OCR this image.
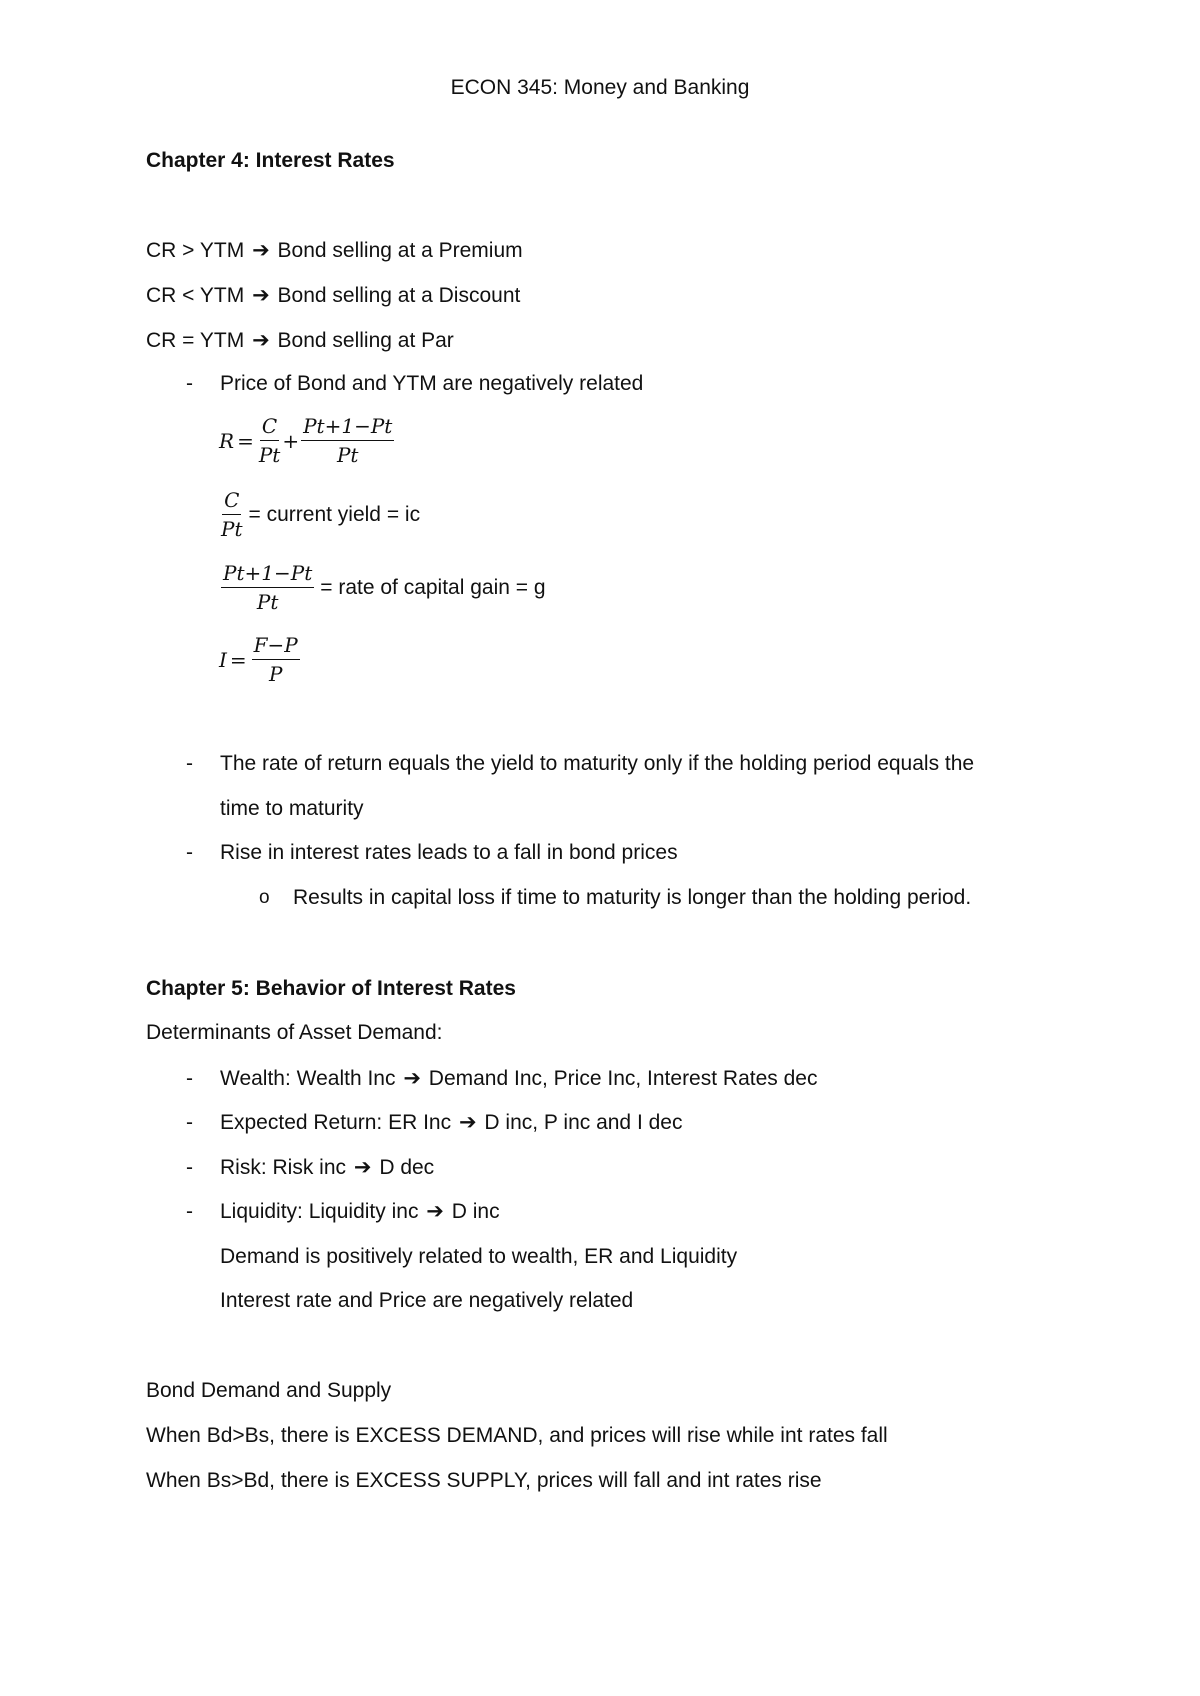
ECON 345: Money and Banking
Chapter 4: Interest Rates
CR > YTM ➔ Bond selling at a Premium
CR < YTM ➔ Bond selling at a Discount
CR = YTM ➔ Bond selling at Par
- Price of Bond and YTM are negatively related
$R = \frac{C}{Pt} + \frac{Pt+1-Pt}{Pt}$
$\frac{C}{Pt}$ = current yield = ic
$\frac{Pt+1-Pt}{Pt}$ = rate of capital gain = g
$I = \frac{F-P}{P}$
- The rate of return equals the yield to maturity only if the holding period equals the
time to maturity
- Rise in interest rates leads to a fall in bond prices
o Results in capital loss if time to maturity is longer than the holding period.
Chapter 5: Behavior of Interest Rates
Determinants of Asset Demand:
- Wealth: Wealth Inc ➔ Demand Inc, Price Inc, Interest Rates dec
- Expected Return: ER Inc ➔ D inc, P inc and I dec
- Risk: Risk inc ➔ D dec
- Liquidity: Liquidity inc ➔ D inc
Demand is positively related to wealth, ER and Liquidity
Interest rate and Price are negatively related
Bond Demand and Supply
When Bd>Bs, there is EXCESS DEMAND, and prices will rise while int rates fall
When Bs>Bd, there is EXCESS SUPPLY, prices will fall and int rates rise
